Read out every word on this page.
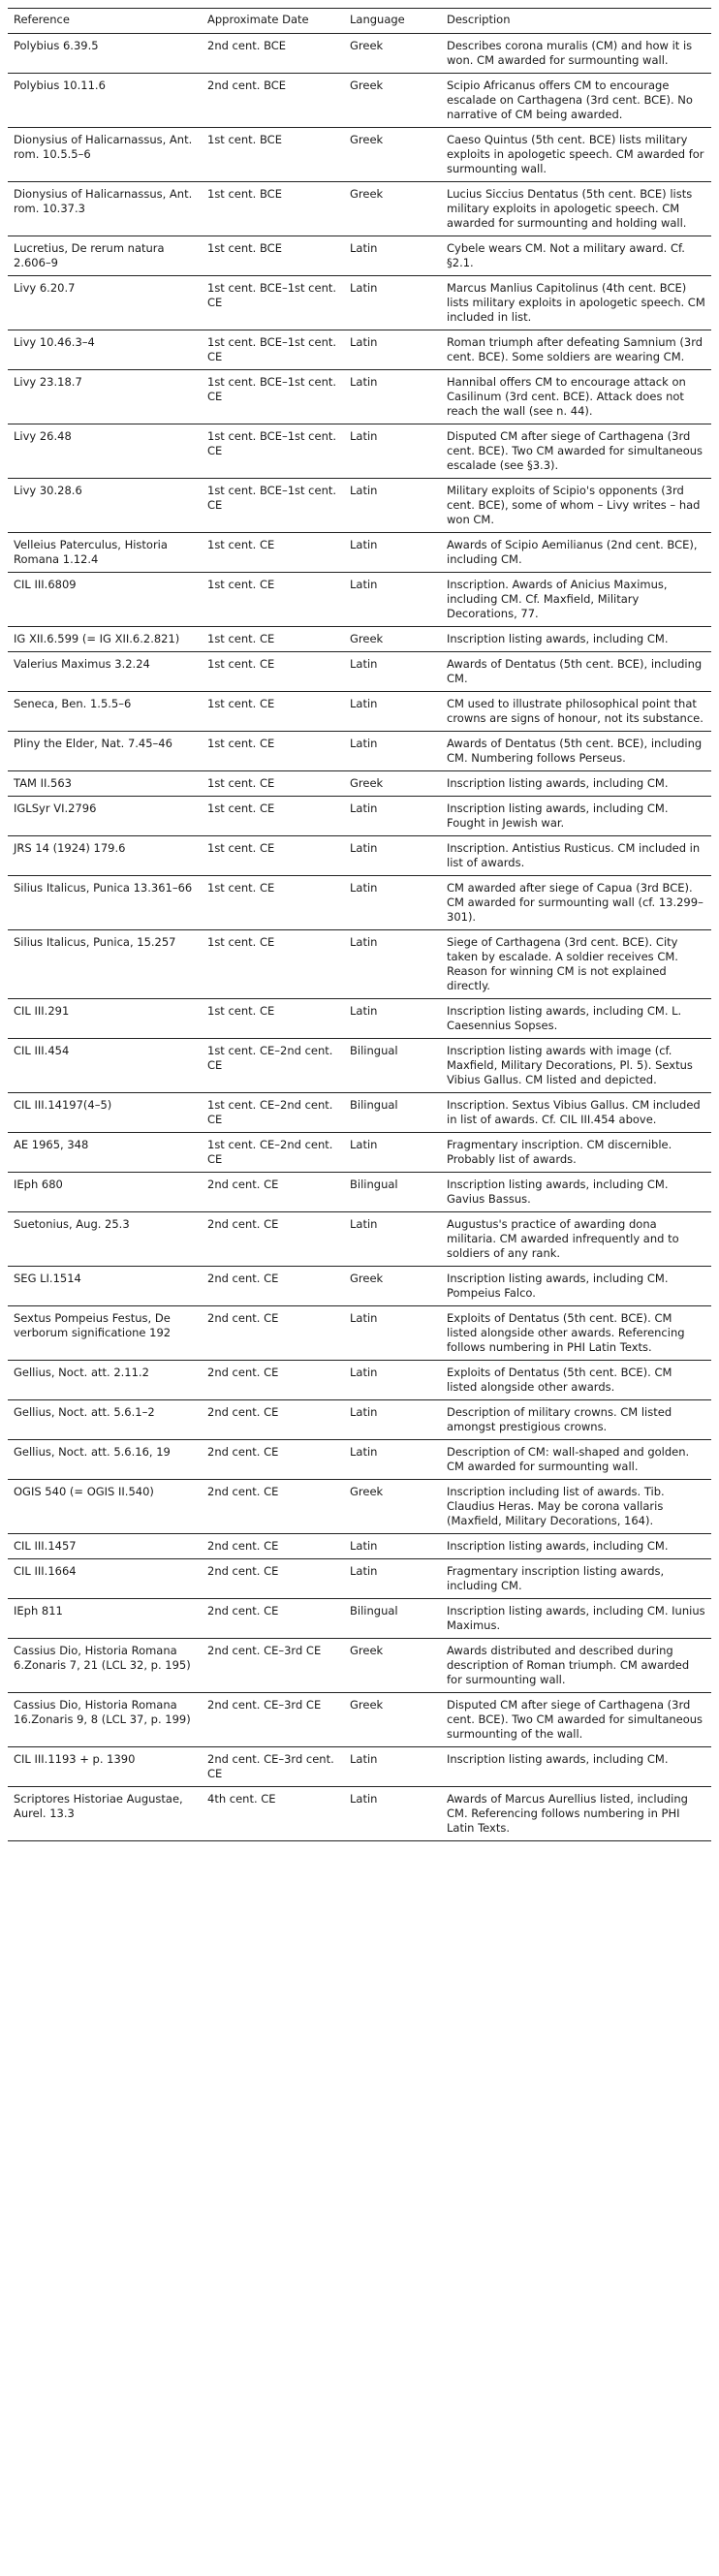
Reference	Approximate Date	Language	Description
Polybius 6.39.5	2nd cent. BCE	Greek	Describes corona muralis (CM) and how it is won. CM awarded for surmounting wall.
Polybius 10.11.6	2nd cent. BCE	Greek	Scipio Africanus offers CM to encourage escalade on Carthagena (3rd cent. BCE). No narrative of CM being awarded.
Dionysius of Halicarnassus, Ant. rom. 10.5.5–6	1st cent. BCE	Greek	Caeso Quintus (5th cent. BCE) lists military exploits in apologetic speech. CM awarded for surmounting wall.
Dionysius of Halicarnassus, Ant. rom. 10.37.3	1st cent. BCE	Greek	Lucius Siccius Dentatus (5th cent. BCE) lists military exploits in apologetic speech. CM awarded for surmounting and holding wall.
Lucretius, De rerum natura 2.606–9	1st cent. BCE	Latin	Cybele wears CM. Not a military award. Cf. §2.1.
Livy 6.20.7	1st cent. BCE–1st cent. CE	Latin	Marcus Manlius Capitolinus (4th cent. BCE) lists military exploits in apologetic speech. CM included in list.
Livy 10.46.3–4	1st cent. BCE–1st cent. CE	Latin	Roman triumph after defeating Samnium (3rd cent. BCE). Some soldiers are wearing CM.
Livy 23.18.7	1st cent. BCE–1st cent. CE	Latin	Hannibal offers CM to encourage attack on Casilinum (3rd cent. BCE). Attack does not reach the wall (see n. 44).
Livy 26.48	1st cent. BCE–1st cent. CE	Latin	Disputed CM after siege of Carthagena (3rd cent. BCE). Two CM awarded for simultaneous escalade (see §3.3).
Livy 30.28.6	1st cent. BCE–1st cent. CE	Latin	Military exploits of Scipio's opponents (3rd cent. BCE), some of whom – Livy writes – had won CM.
Velleius Paterculus, Historia Romana 1.12.4	1st cent. CE	Latin	Awards of Scipio Aemilianus (2nd cent. BCE), including CM.
CIL III.6809	1st cent. CE	Latin	Inscription. Awards of Anicius Maximus, including CM. Cf. Maxfield, Military Decorations, 77.
IG XII.6.599 (= IG XII.6.2.821)	1st cent. CE	Greek	Inscription listing awards, including CM.
Valerius Maximus 3.2.24	1st cent. CE	Latin	Awards of Dentatus (5th cent. BCE), including CM.
Seneca, Ben. 1.5.5–6	1st cent. CE	Latin	CM used to illustrate philosophical point that crowns are signs of honour, not its substance.
Pliny the Elder, Nat. 7.45–46	1st cent. CE	Latin	Awards of Dentatus (5th cent. BCE), including CM. Numbering follows Perseus.
TAM II.563	1st cent. CE	Greek	Inscription listing awards, including CM.
IGLSyr VI.2796	1st cent. CE	Latin	Inscription listing awards, including CM. Fought in Jewish war.
JRS 14 (1924) 179.6	1st cent. CE	Latin	Inscription. Antistius Rusticus. CM included in list of awards.
Silius Italicus, Punica 13.361–66	1st cent. CE	Latin	CM awarded after siege of Capua (3rd BCE). CM awarded for surmounting wall (cf. 13.299–301).
Silius Italicus, Punica, 15.257	1st cent. CE	Latin	Siege of Carthagena (3rd cent. BCE). City taken by escalade. A soldier receives CM. Reason for winning CM is not explained directly.
CIL III.291	1st cent. CE	Latin	Inscription listing awards, including CM. L. Caesennius Sopses.
CIL III.454	1st cent. CE–2nd cent. CE	Bilingual	Inscription listing awards with image (cf. Maxfield, Military Decorations, Pl. 5). Sextus Vibius Gallus. CM listed and depicted.
CIL III.14197(4–5)	1st cent. CE–2nd cent. CE	Bilingual	Inscription. Sextus Vibius Gallus. CM included in list of awards. Cf. CIL III.454 above.
AE 1965, 348	1st cent. CE–2nd cent. CE	Latin	Fragmentary inscription. CM discernible. Probably list of awards.
IEph 680	2nd cent. CE	Bilingual	Inscription listing awards, including CM. Gavius Bassus.
Suetonius, Aug. 25.3	2nd cent. CE	Latin	Augustus's practice of awarding dona militaria. CM awarded infrequently and to soldiers of any rank.
SEG LI.1514	2nd cent. CE	Greek	Inscription listing awards, including CM. Pompeius Falco.
Sextus Pompeius Festus, De verborum significatione 192	2nd cent. CE	Latin	Exploits of Dentatus (5th cent. BCE). CM listed alongside other awards. Referencing follows numbering in PHI Latin Texts.
Gellius, Noct. att. 2.11.2	2nd cent. CE	Latin	Exploits of Dentatus (5th cent. BCE). CM listed alongside other awards.
Gellius, Noct. att. 5.6.1–2	2nd cent. CE	Latin	Description of military crowns. CM listed amongst prestigious crowns.
Gellius, Noct. att. 5.6.16, 19	2nd cent. CE	Latin	Description of CM: wall-shaped and golden. CM awarded for surmounting wall.
OGIS 540 (= OGIS II.540)	2nd cent. CE	Greek	Inscription including list of awards. Tib. Claudius Heras. May be corona vallaris (Maxfield, Military Decorations, 164).
CIL III.1457	2nd cent. CE	Latin	Inscription listing awards, including CM.
CIL III.1664	2nd cent. CE	Latin	Fragmentary inscription listing awards, including CM.
IEph 811	2nd cent. CE	Bilingual	Inscription listing awards, including CM. Iunius Maximus.
Cassius Dio, Historia Romana 6.Zonaris 7, 21 (LCL 32, p. 195)	2nd cent. CE–3rd CE	Greek	Awards distributed and described during description of Roman triumph. CM awarded for surmounting wall.
Cassius Dio, Historia Romana 16.Zonaris 9, 8 (LCL 37, p. 199)	2nd cent. CE–3rd CE	Greek	Disputed CM after siege of Carthagena (3rd cent. BCE). Two CM awarded for simultaneous surmounting of the wall.
CIL III.1193 + p. 1390	2nd cent. CE–3rd cent. CE	Latin	Inscription listing awards, including CM.
Scriptores Historiae Augustae, Aurel. 13.3	4th cent. CE	Latin	Awards of Marcus Aurellius listed, including CM. Referencing follows numbering in PHI Latin Texts.
